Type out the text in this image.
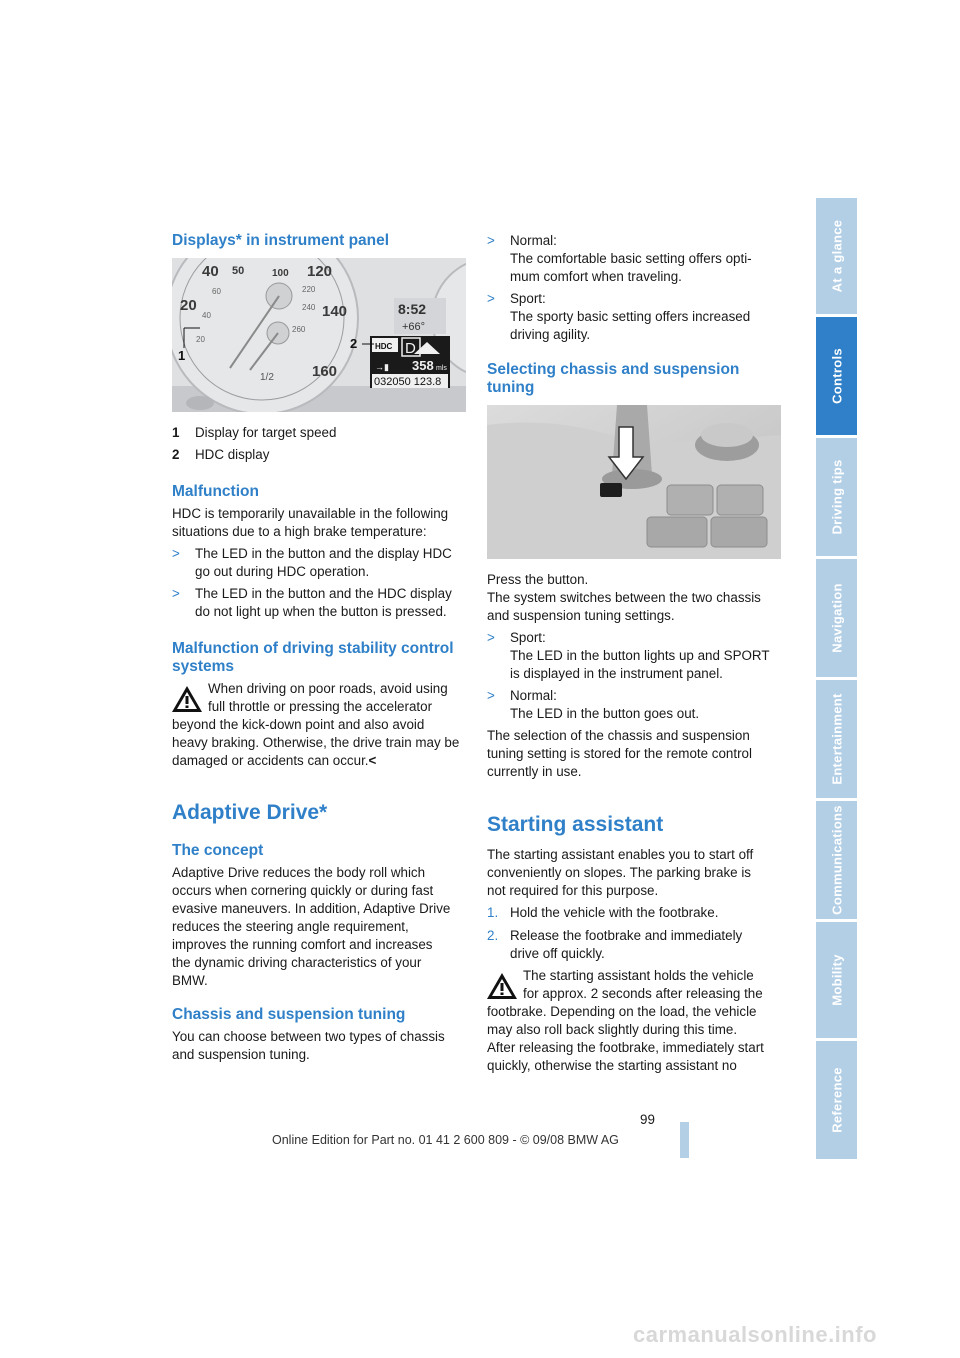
At a glance
Controls
Driving tips
Navigation
Entertainment
Communications
Mobility
Reference
Displays* in instrument panel
40
20
50	120
140
160
100
60
40
20
220
240
260
1/2
8:52
+66°
HDC D
→▮ 358 mls
032050 123.8
1
2

1 Display for target speed

2 HDC display

Malfunction

HDC is temporarily unavailable in the following

situations due to a high brake temperature:

> The LED in the button and the display HDC

go out during HDC operation.

> The LED in the button and the HDC display

do not light up when the button is pressed.

Malfunction of driving stability control
systems

When driving on poor roads, avoid using

full throttle or pressing the accelerator

beyond the kick-down point and also avoid

heavy braking. Otherwise, the drive train may be

damaged or accidents can occur.<

Adaptive Drive*
The concept

Adaptive Drive reduces the body roll which

occurs when cornering quickly or during fast

evasive maneuvers. In addition, Adaptive Drive

reduces the steering angle requirement,

improves the running comfort and increases

the dynamic driving characteristics of your

BMW.

Chassis and suspension tuning

You can choose between two types of chassis

and suspension tuning.

> Normal:

The comfortable basic setting offers opti-

mum comfort when traveling.

> Sport:

The sporty basic setting offers increased

driving agility.

Selecting chassis and suspension
tuning

Press the button.

The system switches between the two chassis

and suspension tuning settings.

> Sport:

The LED in the button lights up and SPORT

is displayed in the instrument panel.

> Normal:

The LED in the button goes out.

The selection of the chassis and suspension

tuning setting is stored for the remote control

currently in use.

Starting assistant

The starting assistant enables you to start off

conveniently on slopes. The parking brake is

not required for this purpose.

1. Hold the vehicle with the footbrake.

2. Release the footbrake and immediately

drive off quickly.

The starting assistant holds the vehicle

for approx. 2 seconds after releasing the

footbrake. Depending on the load, the vehicle

may also roll back slightly during this time.

After releasing the footbrake, immediately start

quickly, otherwise the starting assistant no

99
Online Edition for Part no. 01 41 2 600 809 - © 09/08 BMW AG
carmanualsonline.info
